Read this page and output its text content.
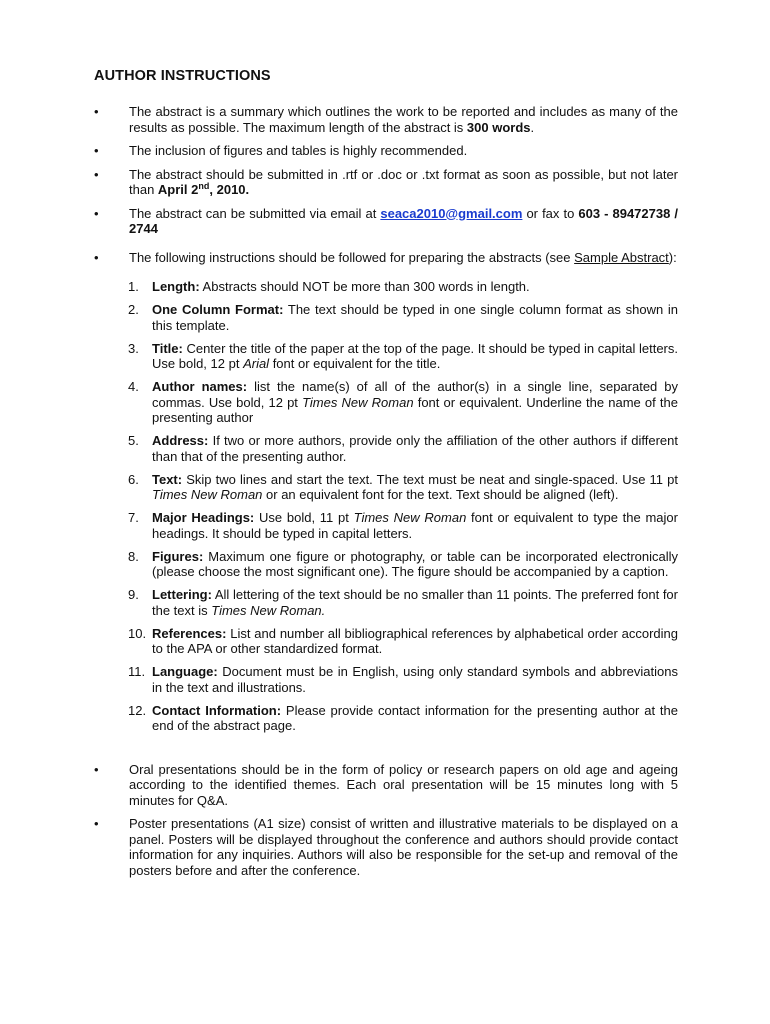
AUTHOR INSTRUCTIONS
• The abstract is a summary which outlines the work to be reported and includes as many of the results as possible. The maximum length of the abstract is 300 words.
• The inclusion of figures and tables is highly recommended.
• The abstract should be submitted in .rtf or .doc or .txt format as soon as possible, but not later than April 2nd, 2010.
• The abstract can be submitted via email at seaca2010@gmail.com or fax to 603 - 89472738 / 2744
• The following instructions should be followed for preparing the abstracts (see Sample Abstract):
1. Length: Abstracts should NOT be more than 300 words in length.
2. One Column Format: The text should be typed in one single column format as shown in this template.
3. Title: Center the title of the paper at the top of the page. It should be typed in capital letters. Use bold, 12 pt Arial font or equivalent for the title.
4. Author names: list the name(s) of all of the author(s) in a single line, separated by commas. Use bold, 12 pt Times New Roman font or equivalent. Underline the name of the presenting author
5. Address: If two or more authors, provide only the affiliation of the other authors if different than that of the presenting author.
6. Text: Skip two lines and start the text. The text must be neat and single-spaced. Use 11 pt Times New Roman or an equivalent font for the text. Text should be aligned (left).
7. Major Headings: Use bold, 11 pt Times New Roman font or equivalent to type the major headings. It should be typed in capital letters.
8. Figures: Maximum one figure or photography, or table can be incorporated electronically (please choose the most significant one). The figure should be accompanied by a caption.
9. Lettering: All lettering of the text should be no smaller than 11 points. The preferred font for the text is Times New Roman.
10. References: List and number all bibliographical references by alphabetical order according to the APA or other standardized format.
11. Language: Document must be in English, using only standard symbols and abbreviations in the text and illustrations.
12. Contact Information: Please provide contact information for the presenting author at the end of the abstract page.
• Oral presentations should be in the form of policy or research papers on old age and ageing according to the identified themes. Each oral presentation will be 15 minutes long with 5 minutes for Q&A.
• Poster presentations (A1 size) consist of written and illustrative materials to be displayed on a panel. Posters will be displayed throughout the conference and authors should provide contact information for any inquiries. Authors will also be responsible for the set-up and removal of the posters before and after the conference.
